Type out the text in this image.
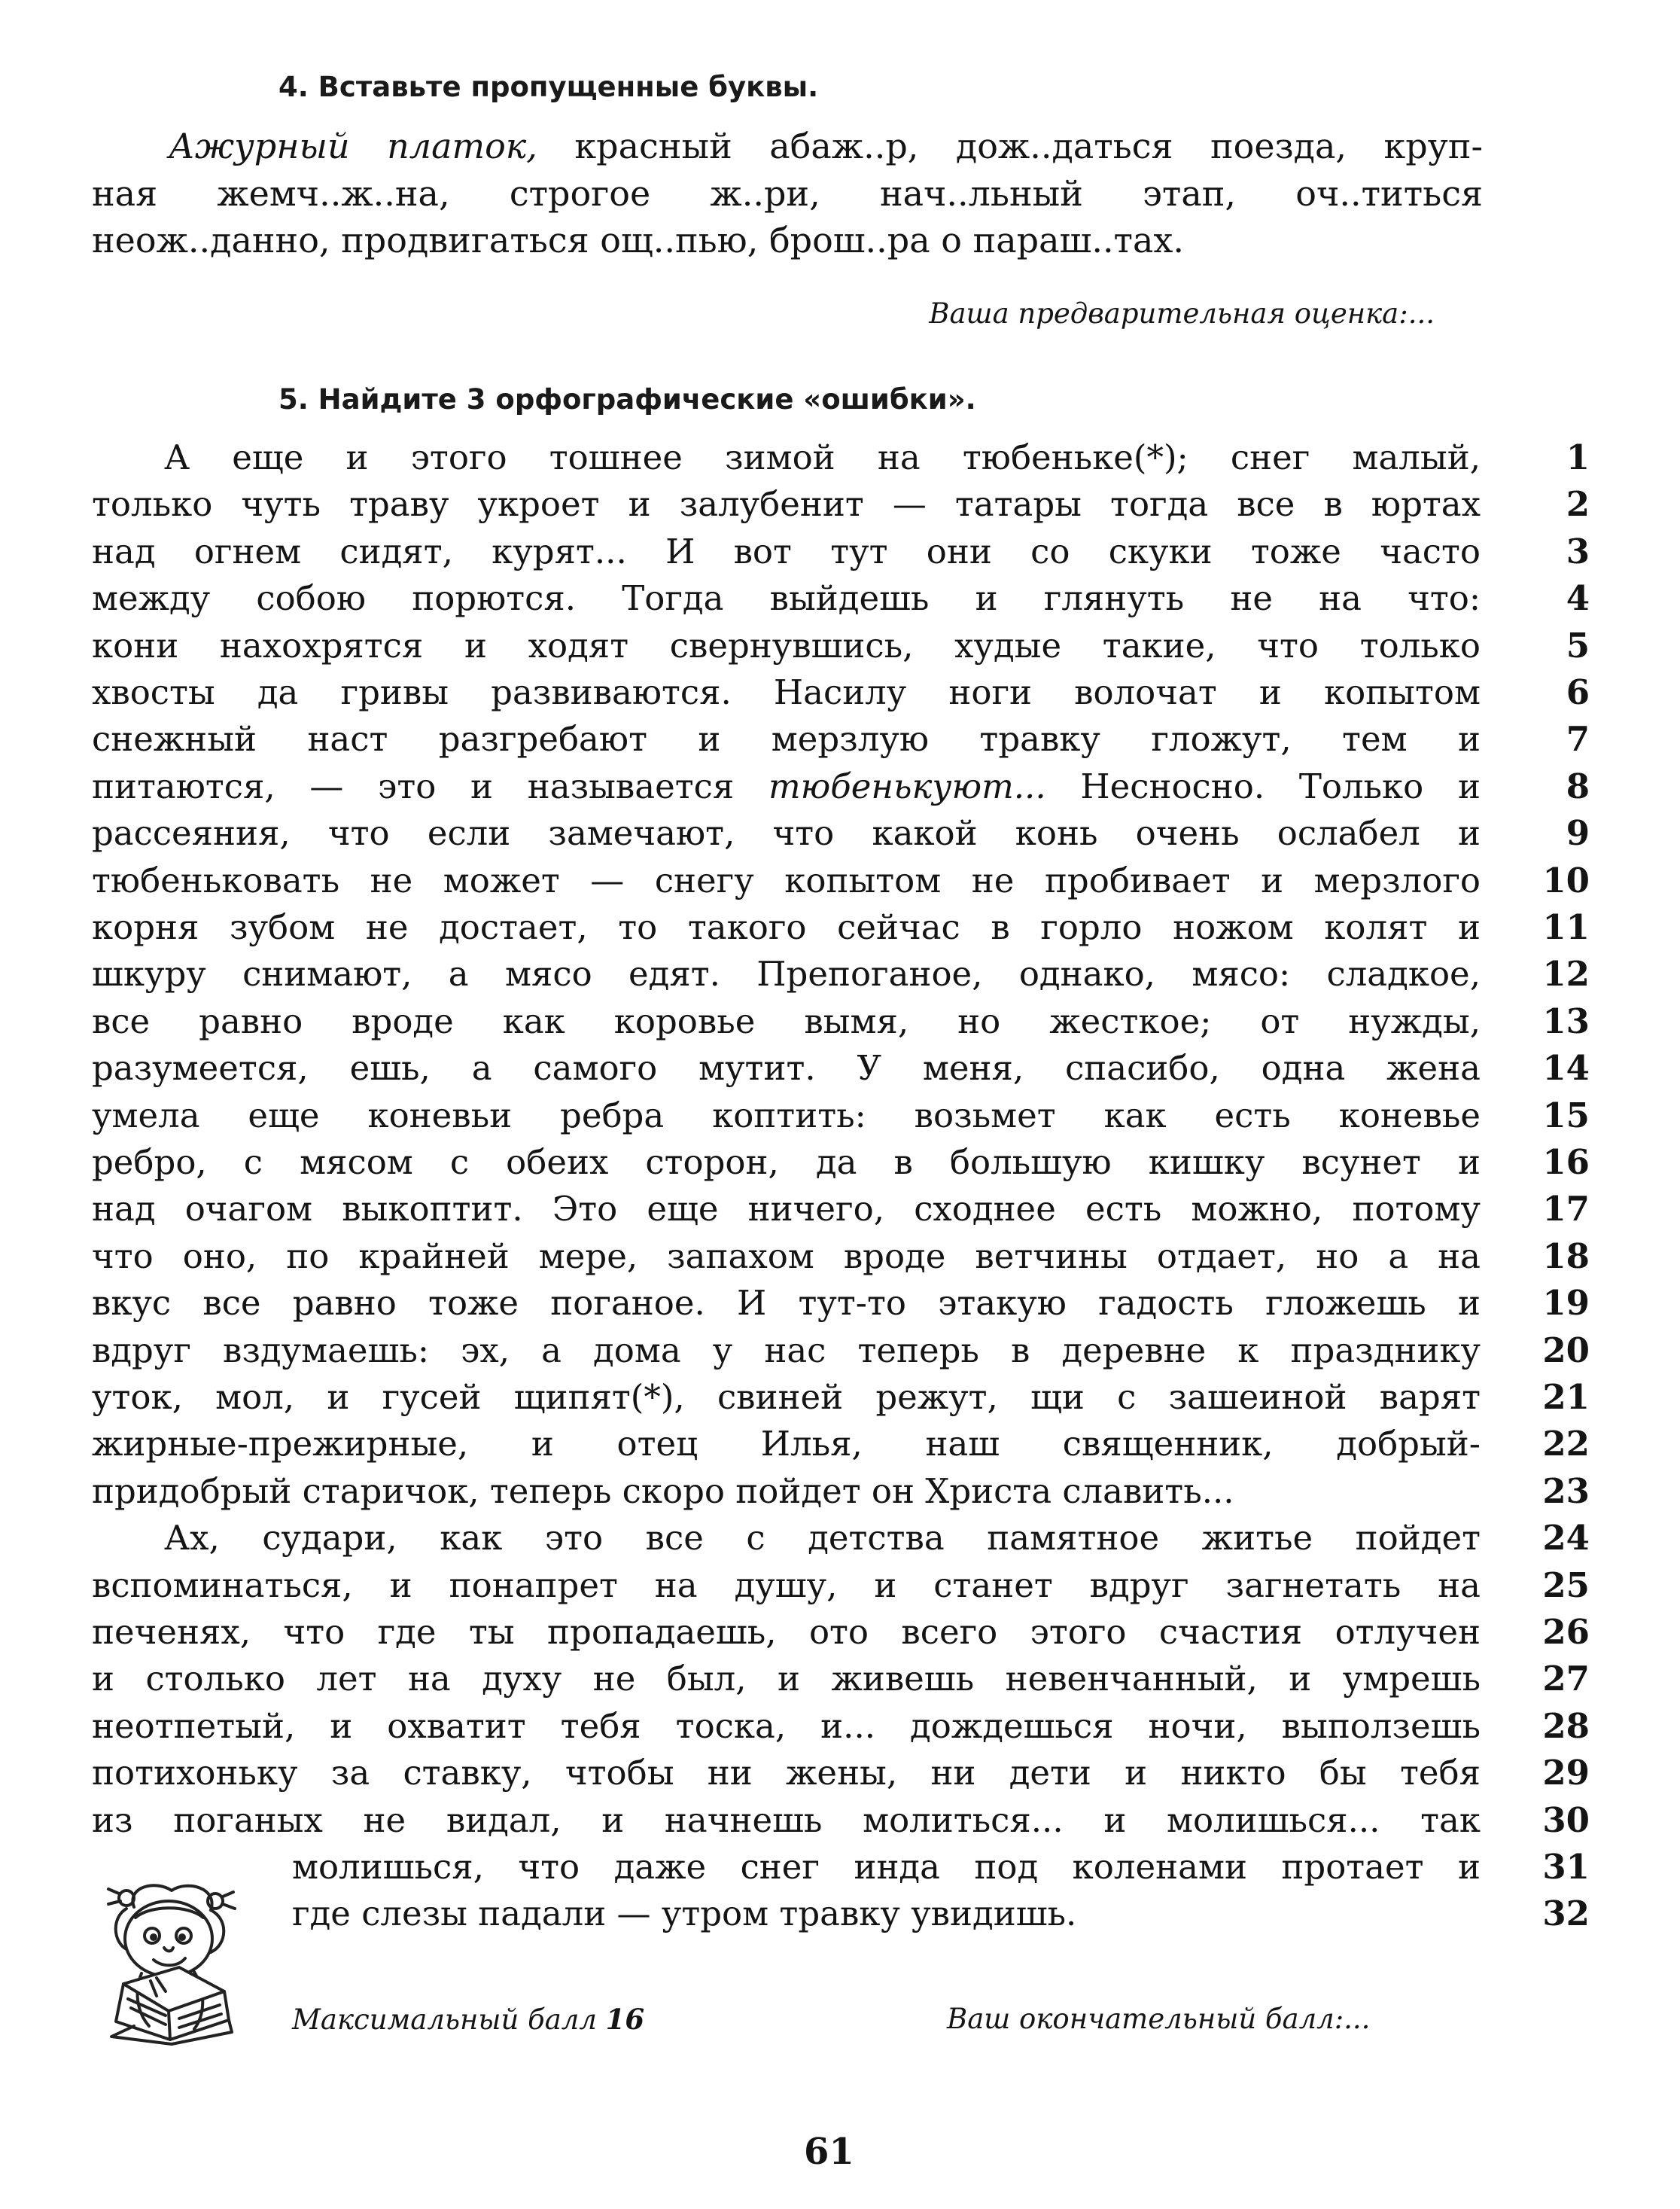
4. Вставьте пропущенные буквы.
Ажурный платок, красный абаж..р, дож..даться поезда, круп-
ная жемч..ж..на, строгое ж..ри, нач..льный этап, оч..титься
неож..данно, продвигаться ощ..пью, брош..ра о параш..тах.
Ваша предварительная оценка:...
5. Найдите 3 орфографические «ошибки».
А еще и этого тошнее зимой на тюбеньке(*); снег малый,	1
только чуть траву укроет и залубенит — татары тогда все в юртах	2
над огнем сидят, курят... И вот тут они со скуки тоже часто	3
между собою порются. Тогда выйдешь и глянуть не на что:	4
кони нахохрятся и ходят свернувшись, худые такие, что только	5
хвосты да гривы развиваются. Насилу ноги волочат и копытом	6
снежный наст разгребают и мерзлую травку гложут, тем и	7
питаются, — это и называется тюбенькуют... Несносно. Только и	8
рассеяния, что если замечают, что какой конь очень ослабел и	9
тюбеньковать не может — снегу копытом не пробивает и мерзлого	10
корня зубом не достает, то такого сейчас в горло ножом колят и	11
шкуру снимают, а мясо едят. Препоганое, однако, мясо: сладкое,	12
все равно вроде как коровье вымя, но жесткое; от нужды,	13
разумеется, ешь, а самого мутит. У меня, спасибо, одна жена	14
умела еще коневьи ребра коптить: возьмет как есть коневье	15
ребро, с мясом с обеих сторон, да в большую кишку всунет и	16
над очагом выкоптит. Это еще ничего, сходнее есть можно, потому	17
что оно, по крайней мере, запахом вроде ветчины отдает, но а на	18
вкус все равно тоже поганое. И тут-то этакую гадость гложешь и	19
вдруг вздумаешь: эх, а дома у нас теперь в деревне к празднику	20
уток, мол, и гусей щипят(*), свиней режут, щи с зашеиной варят	21
жирные-прежирные, и отец Илья, наш священник, добрый-	22
придобрый старичок, теперь скоро пойдет он Христа славить...	23
Ах, судари, как это все с детства памятное житье пойдет	24
вспоминаться, и понапрет на душу, и станет вдруг загнетать на	25
печенях, что где ты пропадаешь, ото всего этого счастия отлучен	26
и столько лет на духу не был, и живешь невенчанный, и умрешь	27
неотпетый, и охватит тебя тоска, и... дождешься ночи, выползешь	28
потихоньку за ставку, чтобы ни жены, ни дети и никто бы тебя	29
из поганых не видал, и начнешь молиться... и молишься... так	30
молишься, что даже снег инда под коленами протает и	31
где слезы падали — утром травку увидишь.	32
Максимальный балл 16	Ваш окончательный балл:...
61
